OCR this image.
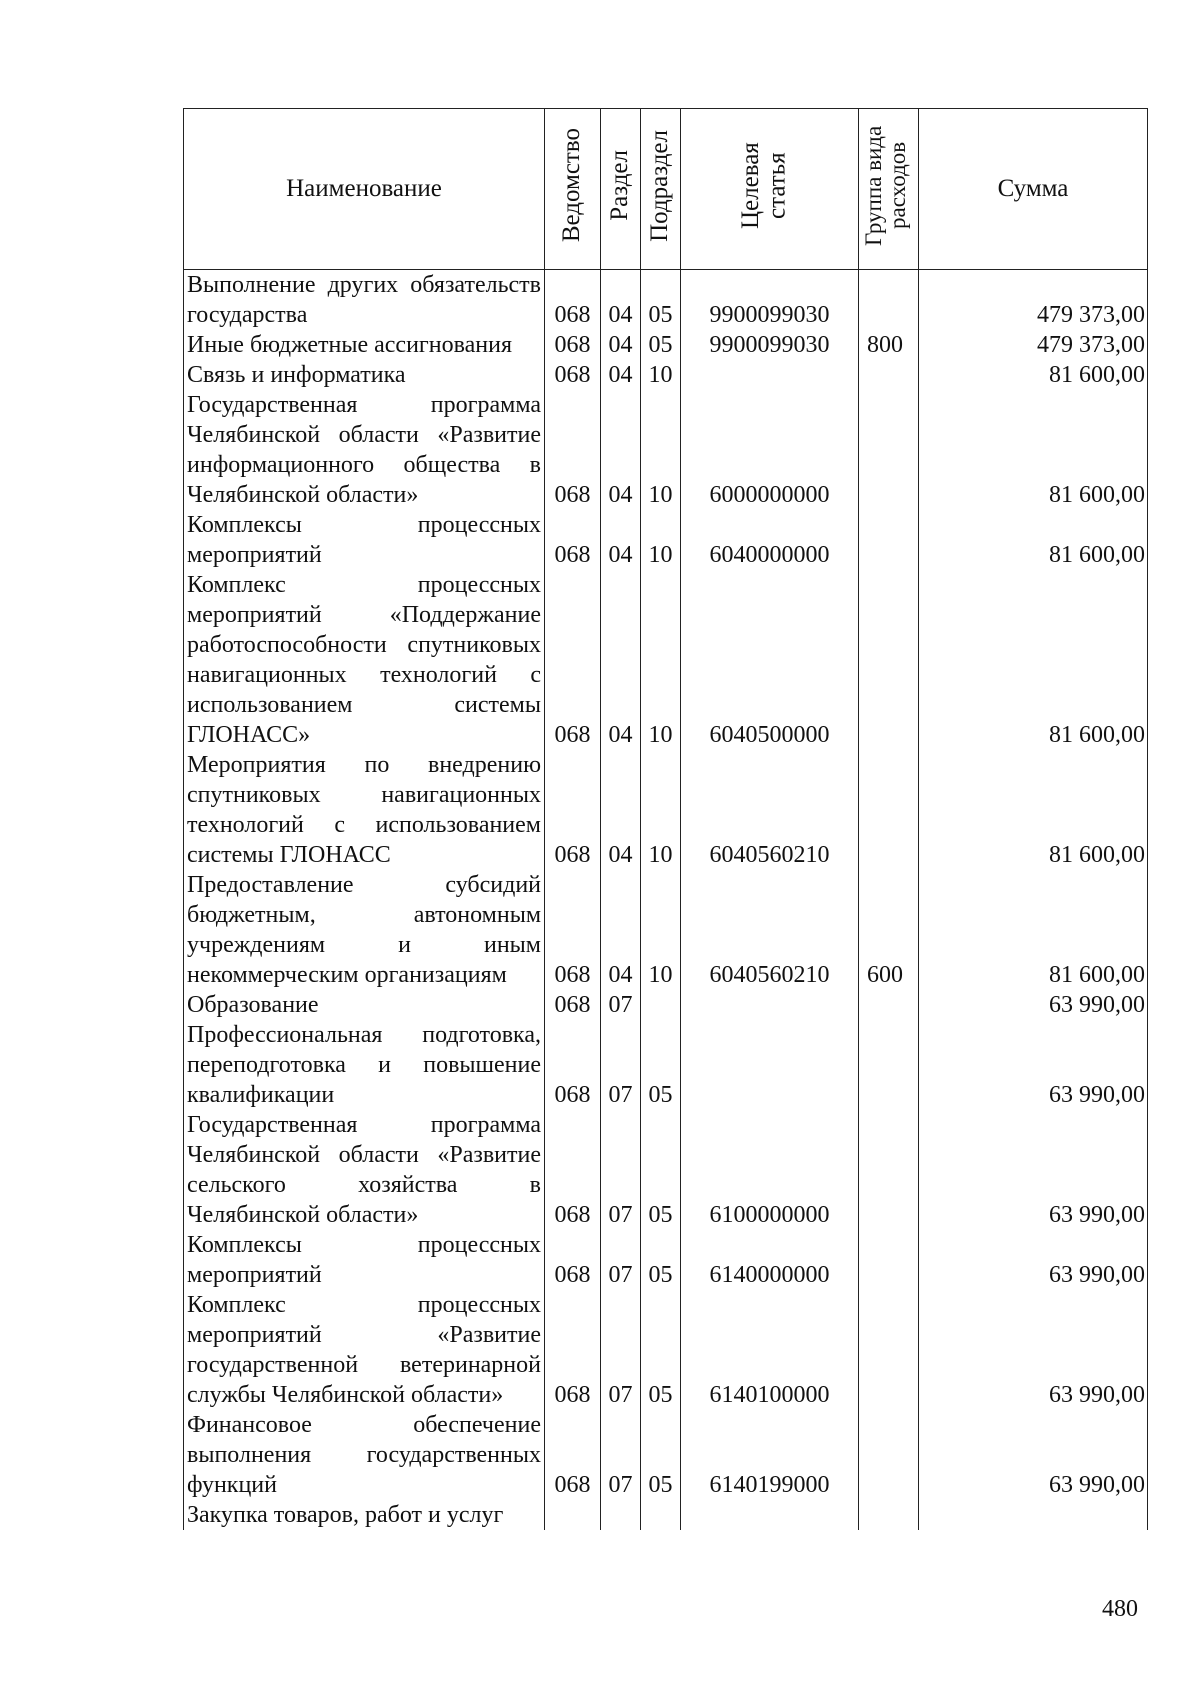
Наименование	Ведомство	Раздел	Подраздел	Целевая статья	Группа вида расходов	Сумма
Выполнение других обязательств государства	068	04	05	9900099030		479 373,00
Иные бюджетные ассигнования	068	04	05	9900099030	800	479 373,00
Связь и информатика	068	04	10			81 600,00
Государственная программа Челябинской области «Развитие информационного общества в Челябинской области»	068	04	10	6000000000		81 600,00
Комплексы процессных мероприятий	068	04	10	6040000000		81 600,00
Комплекс процессных мероприятий «Поддержание работоспособности спутниковых навигационных технологий с использованием системы ГЛОНАСС»	068	04	10	6040500000		81 600,00
Мероприятия по внедрению спутниковых навигационных технологий с использованием системы ГЛОНАСС	068	04	10	6040560210		81 600,00
Предоставление субсидий бюджетным, автономным учреждениям и иным некоммерческим организациям	068	04	10	6040560210	600	81 600,00
Образование	068	07				63 990,00
Профессиональная подготовка, переподготовка и повышение квалификации	068	07	05			63 990,00
Государственная программа Челябинской области «Развитие сельского хозяйства в Челябинской области»	068	07	05	6100000000		63 990,00
Комплексы процессных мероприятий	068	07	05	6140000000		63 990,00
Комплекс процессных мероприятий «Развитие государственной ветеринарной службы Челябинской области»	068	07	05	6140100000		63 990,00
Финансовое обеспечение выполнения государственных функций	068	07	05	6140199000		63 990,00
Закупка товаров, работ и услуг						
480
